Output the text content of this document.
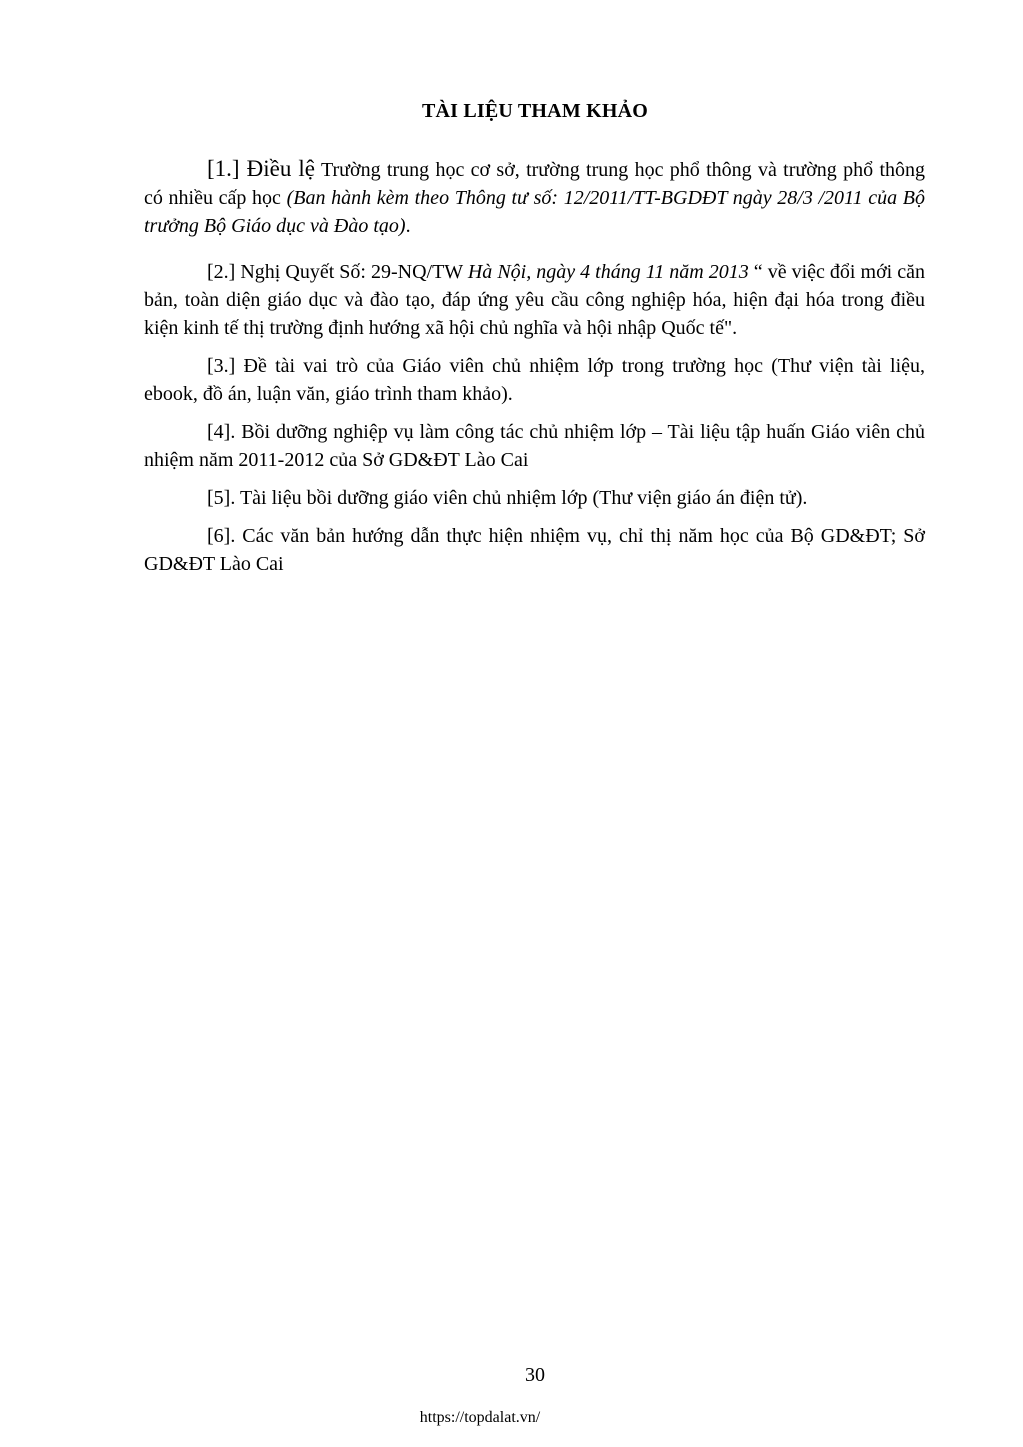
TÀI LIỆU THAM KHẢO

[1.] Điều lệ Trường trung học cơ sở, trường trung học phổ thông và trường phổ thông có nhiều cấp học (Ban hành kèm theo Thông tư số: 12/2011/TT-BGDĐT ngày 28/3 /2011 của Bộ trưởng Bộ Giáo dục và Đào tạo).

[2.] Nghị Quyết Số: 29-NQ/TW Hà Nội, ngày 4 tháng 11 năm 2013 “ về việc đổi mới căn bản, toàn diện giáo dục và đào tạo, đáp ứng yêu cầu công nghiệp hóa, hiện đại hóa trong điều kiện kinh tế thị trường định hướng xã hội chủ nghĩa và hội nhập Quốc tế".

[3.] Đề tài vai trò của Giáo viên chủ nhiệm lớp trong trường học (Thư viện tài liệu, ebook, đồ án, luận văn, giáo trình tham khảo).

[4]. Bồi dưỡng nghiệp vụ làm công tác chủ nhiệm lớp – Tài liệu tập huấn Giáo viên chủ nhiệm năm 2011-2012 của Sở GD&ĐT Lào Cai

[5]. Tài liệu bồi dưỡng giáo viên chủ nhiệm lớp (Thư viện giáo án điện tử).

[6]. Các văn bản hướng dẫn thực hiện nhiệm vụ, chỉ thị năm học của Bộ GD&ĐT; Sở GD&ĐT Lào Cai

30
https://topdalat.vn/
